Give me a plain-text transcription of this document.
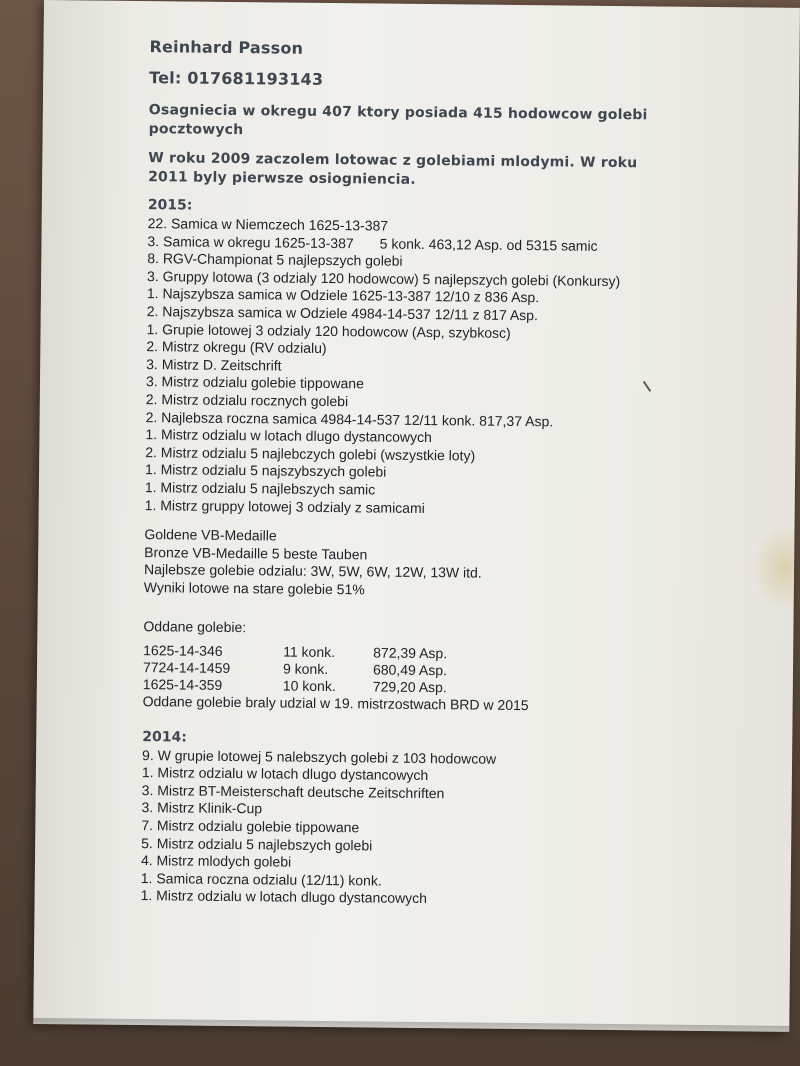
Reinhard Passon
Tel: 017681193143
Osagniecia w okregu 407 ktory posiada 415 hodowcow golebi pocztowych
W roku 2009 zaczolem lotowac z golebiami mlodymi. W roku 2011 byly pierwsze osiogniencia.
2015:
22. Samica w Niemczech 1625-13-387
3. Samica w okregu 1625-13-387 5 konk. 463,12 Asp. od 5315 samic
8. RGV-Championat 5 najlepszych golebi
3. Gruppy lotowa (3 odzialy 120 hodowcow) 5 najlepszych golebi (Konkursy)
1. Najszybsza samica w Odziele 1625-13-387 12/10 z 836 Asp.
2. Najszybsza samica w Odziele 4984-14-537 12/11 z 817 Asp.
1. Grupie lotowej 3 odzialy 120 hodowcow (Asp, szybkosc)
2. Mistrz okregu (RV odzialu)
3. Mistrz D. Zeitschrift
3. Mistrz odzialu golebie tippowane
2. Mistrz odzialu rocznych golebi
2. Najlebsza roczna samica 4984-14-537 12/11 konk. 817,37 Asp.
1. Mistrz odzialu w lotach dlugo dystancowych
2. Mistrz odzialu 5 najlebczych golebi (wszystkie loty)
1. Mistrz odzialu 5 najszybszych golebi
1. Mistrz odzialu 5 najlebszych samic
1. Mistrz gruppy lotowej 3 odzialy z samicami
Goldene VB-Medaille
Bronze VB-Medaille 5 beste Tauben
Najlebsze golebie odzialu: 3W, 5W, 6W, 12W, 13W itd.
Wyniki lotowe na stare golebie 51%
Oddane golebie:
1625-14-346	11 konk.	872,39 Asp.
7724-14-1459	9 konk.	680,49 Asp.
1625-14-359	10 konk.	729,20 Asp.
Oddane golebie braly udzial w 19. mistrzostwach BRD w 2015
2014:
9. W grupie lotowej 5 nalebszych golebi z 103 hodowcow
1. Mistrz odzialu w lotach dlugo dystancowych
3. Mistrz BT-Meisterschaft deutsche Zeitschriften
3. Mistrz Klinik-Cup
7. Mistrz odzialu golebie tippowane
5. Mistrz odzialu 5 najlebszych golebi
4. Mistrz mlodych golebi
1. Samica roczna odzialu (12/11) konk.
1. Mistrz odzialu w lotach dlugo dystancowych
